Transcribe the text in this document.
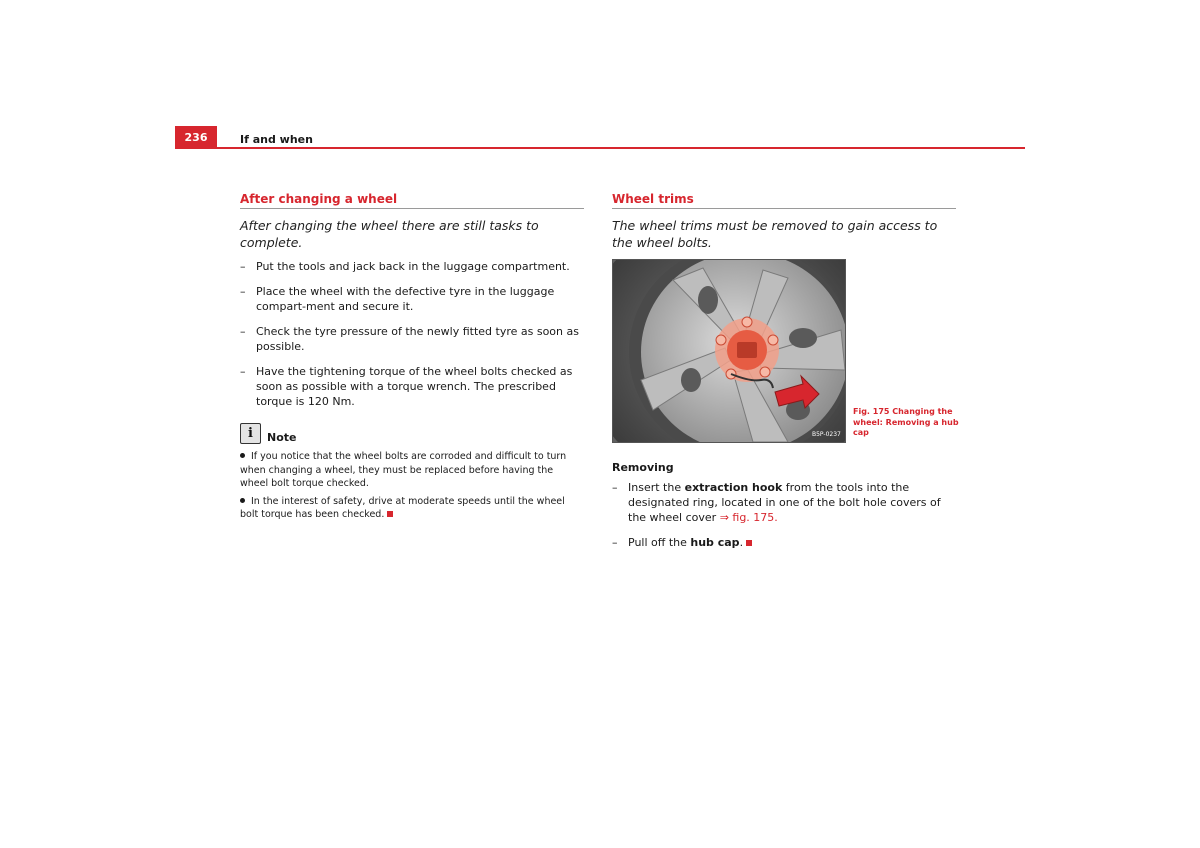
236	If and when
After changing a wheel

After changing the wheel there are still tasks to complete.

– Put the tools and jack back in the luggage compartment.
– Place the wheel with the defective tyre in the luggage compart-ment and secure it.
– Check the tyre pressure of the newly fitted tyre as soon as possible.
– Have the tightening torque of the wheel bolts checked as soon as possible with a torque wrench. The prescribed torque is 120 Nm.
i	Note
If you notice that the wheel bolts are corroded and difficult to turn when changing a wheel, they must be replaced before having the wheel bolt torque checked.
In the interest of safety, drive at moderate speeds until the wheel bolt torque has been checked.
Wheel trims

The wheel trims must be removed to gain access to the wheel bolts.

B5P-0237
Fig. 175 Changing the wheel: Removing a hub cap
Removing
– Insert the extraction hook from the tools into the designated ring, located in one of the bolt hole covers of the wheel cover ⇒ fig. 175.
– Pull off the hub cap.
